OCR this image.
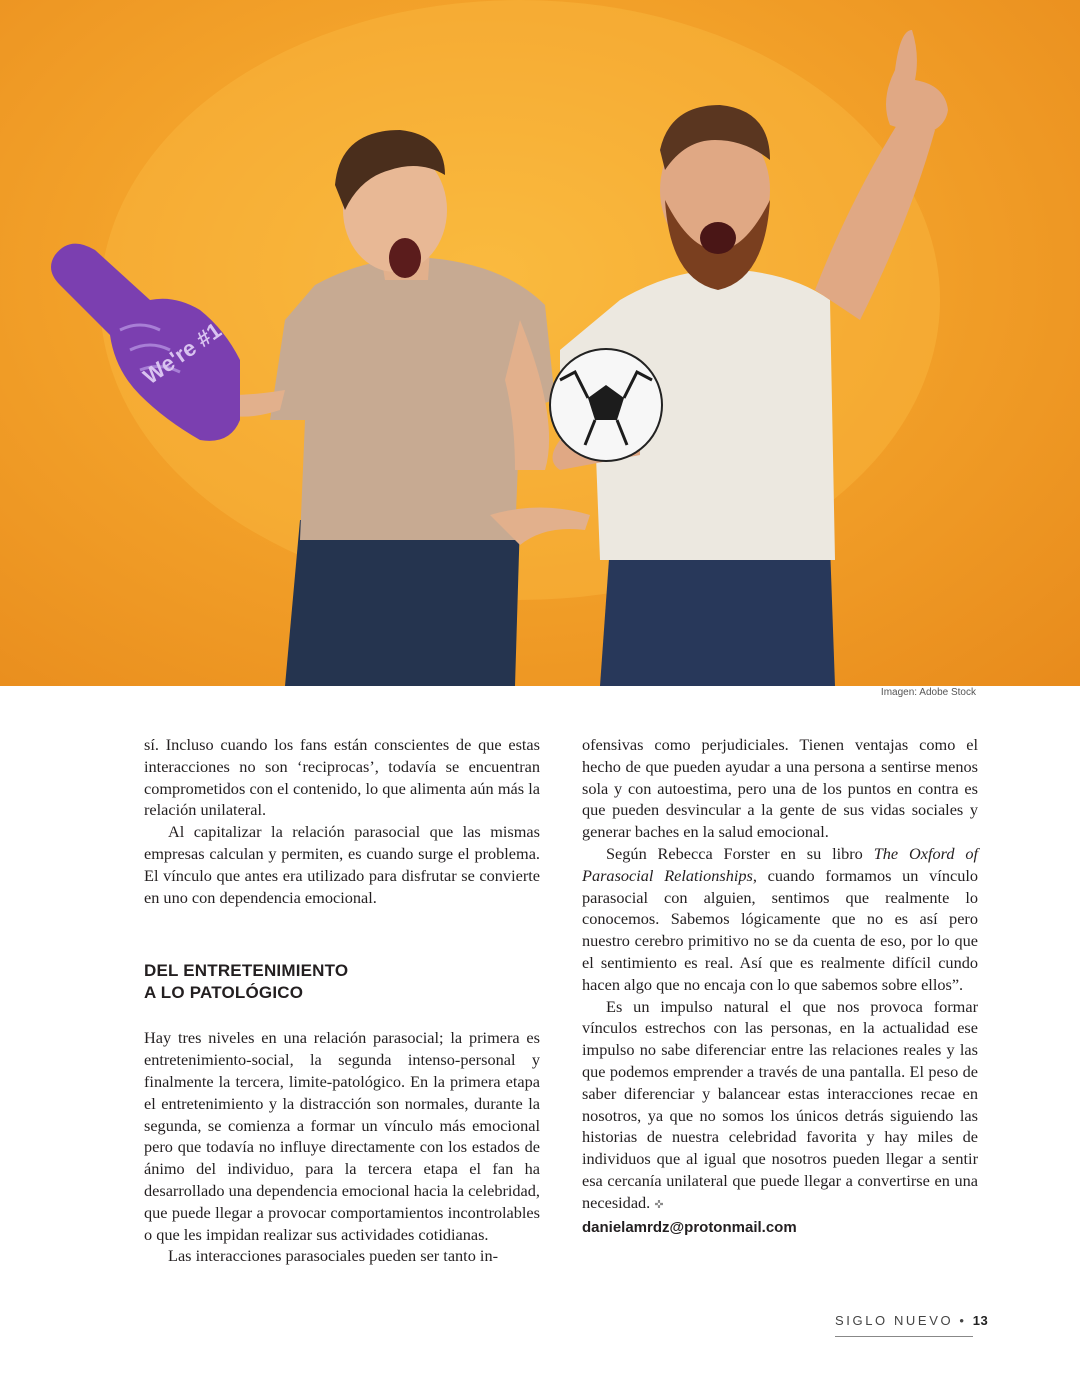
We're #1
Imagen: Adobe Stock

sí. Incluso cuando los fans están conscientes de que estas interacciones no son ‘reciprocas’, todavía se encuentran comprometidos con el contenido, lo que alimenta aún más la relación unilateral.

Al capitalizar la relación parasocial que las mismas empresas calculan y permiten, es cuando surge el problema. El vínculo que antes era utilizado para disfrutar se convierte en uno con dependencia emocional.

DEL ENTRETENIMIENTO
A LO PATOLÓGICO

Hay tres niveles en una relación parasocial; la primera es entretenimiento-social, la segunda intenso-personal y finalmente la tercera, limite-patológico. En la primera etapa el entretenimiento y la distracción son normales, durante la segunda, se comienza a formar un vínculo más emocional pero que todavía no influye directamente con los estados de ánimo del individuo, para la tercera etapa el fan ha desarrollado una dependencia emocional hacia la celebridad, que puede llegar a provocar comportamientos incontrolables o que les impidan realizar sus actividades cotidianas.

Las interacciones parasociales pueden ser tanto in-

ofensivas como perjudiciales. Tienen ventajas como el hecho de que pueden ayudar a una persona a sentirse menos sola y con autoestima, pero una de los puntos en contra es que pueden desvincular a la gente de sus vidas sociales y generar baches en la salud emocional.

Según Rebecca Forster en su libro The Oxford of Parasocial Relationships, cuando formamos un vínculo parasocial con alguien, sentimos que realmente lo conocemos. Sabemos lógicamente que no es así pero nuestro cerebro primitivo no se da cuenta de eso, por lo que el sentimiento es real. Así que es realmente difícil cundo hacen algo que no encaja con lo que sabemos sobre ellos”.

Es un impulso natural el que nos provoca formar vínculos estrechos con las personas, en la actualidad ese impulso no sabe diferenciar entre las relaciones reales y las que podemos emprender a través de una pantalla. El peso de saber diferenciar y balancear estas interacciones recae en nosotros, ya que no somos los únicos detrás siguiendo las historias de nuestra celebridad favorita y hay miles de individuos que al igual que nosotros pueden llegar a sentir esa cercanía unilateral que puede llegar a convertirse en una necesidad. ✜

danielamrdz@protonmail.com
SIGLO NUEVO • 13
